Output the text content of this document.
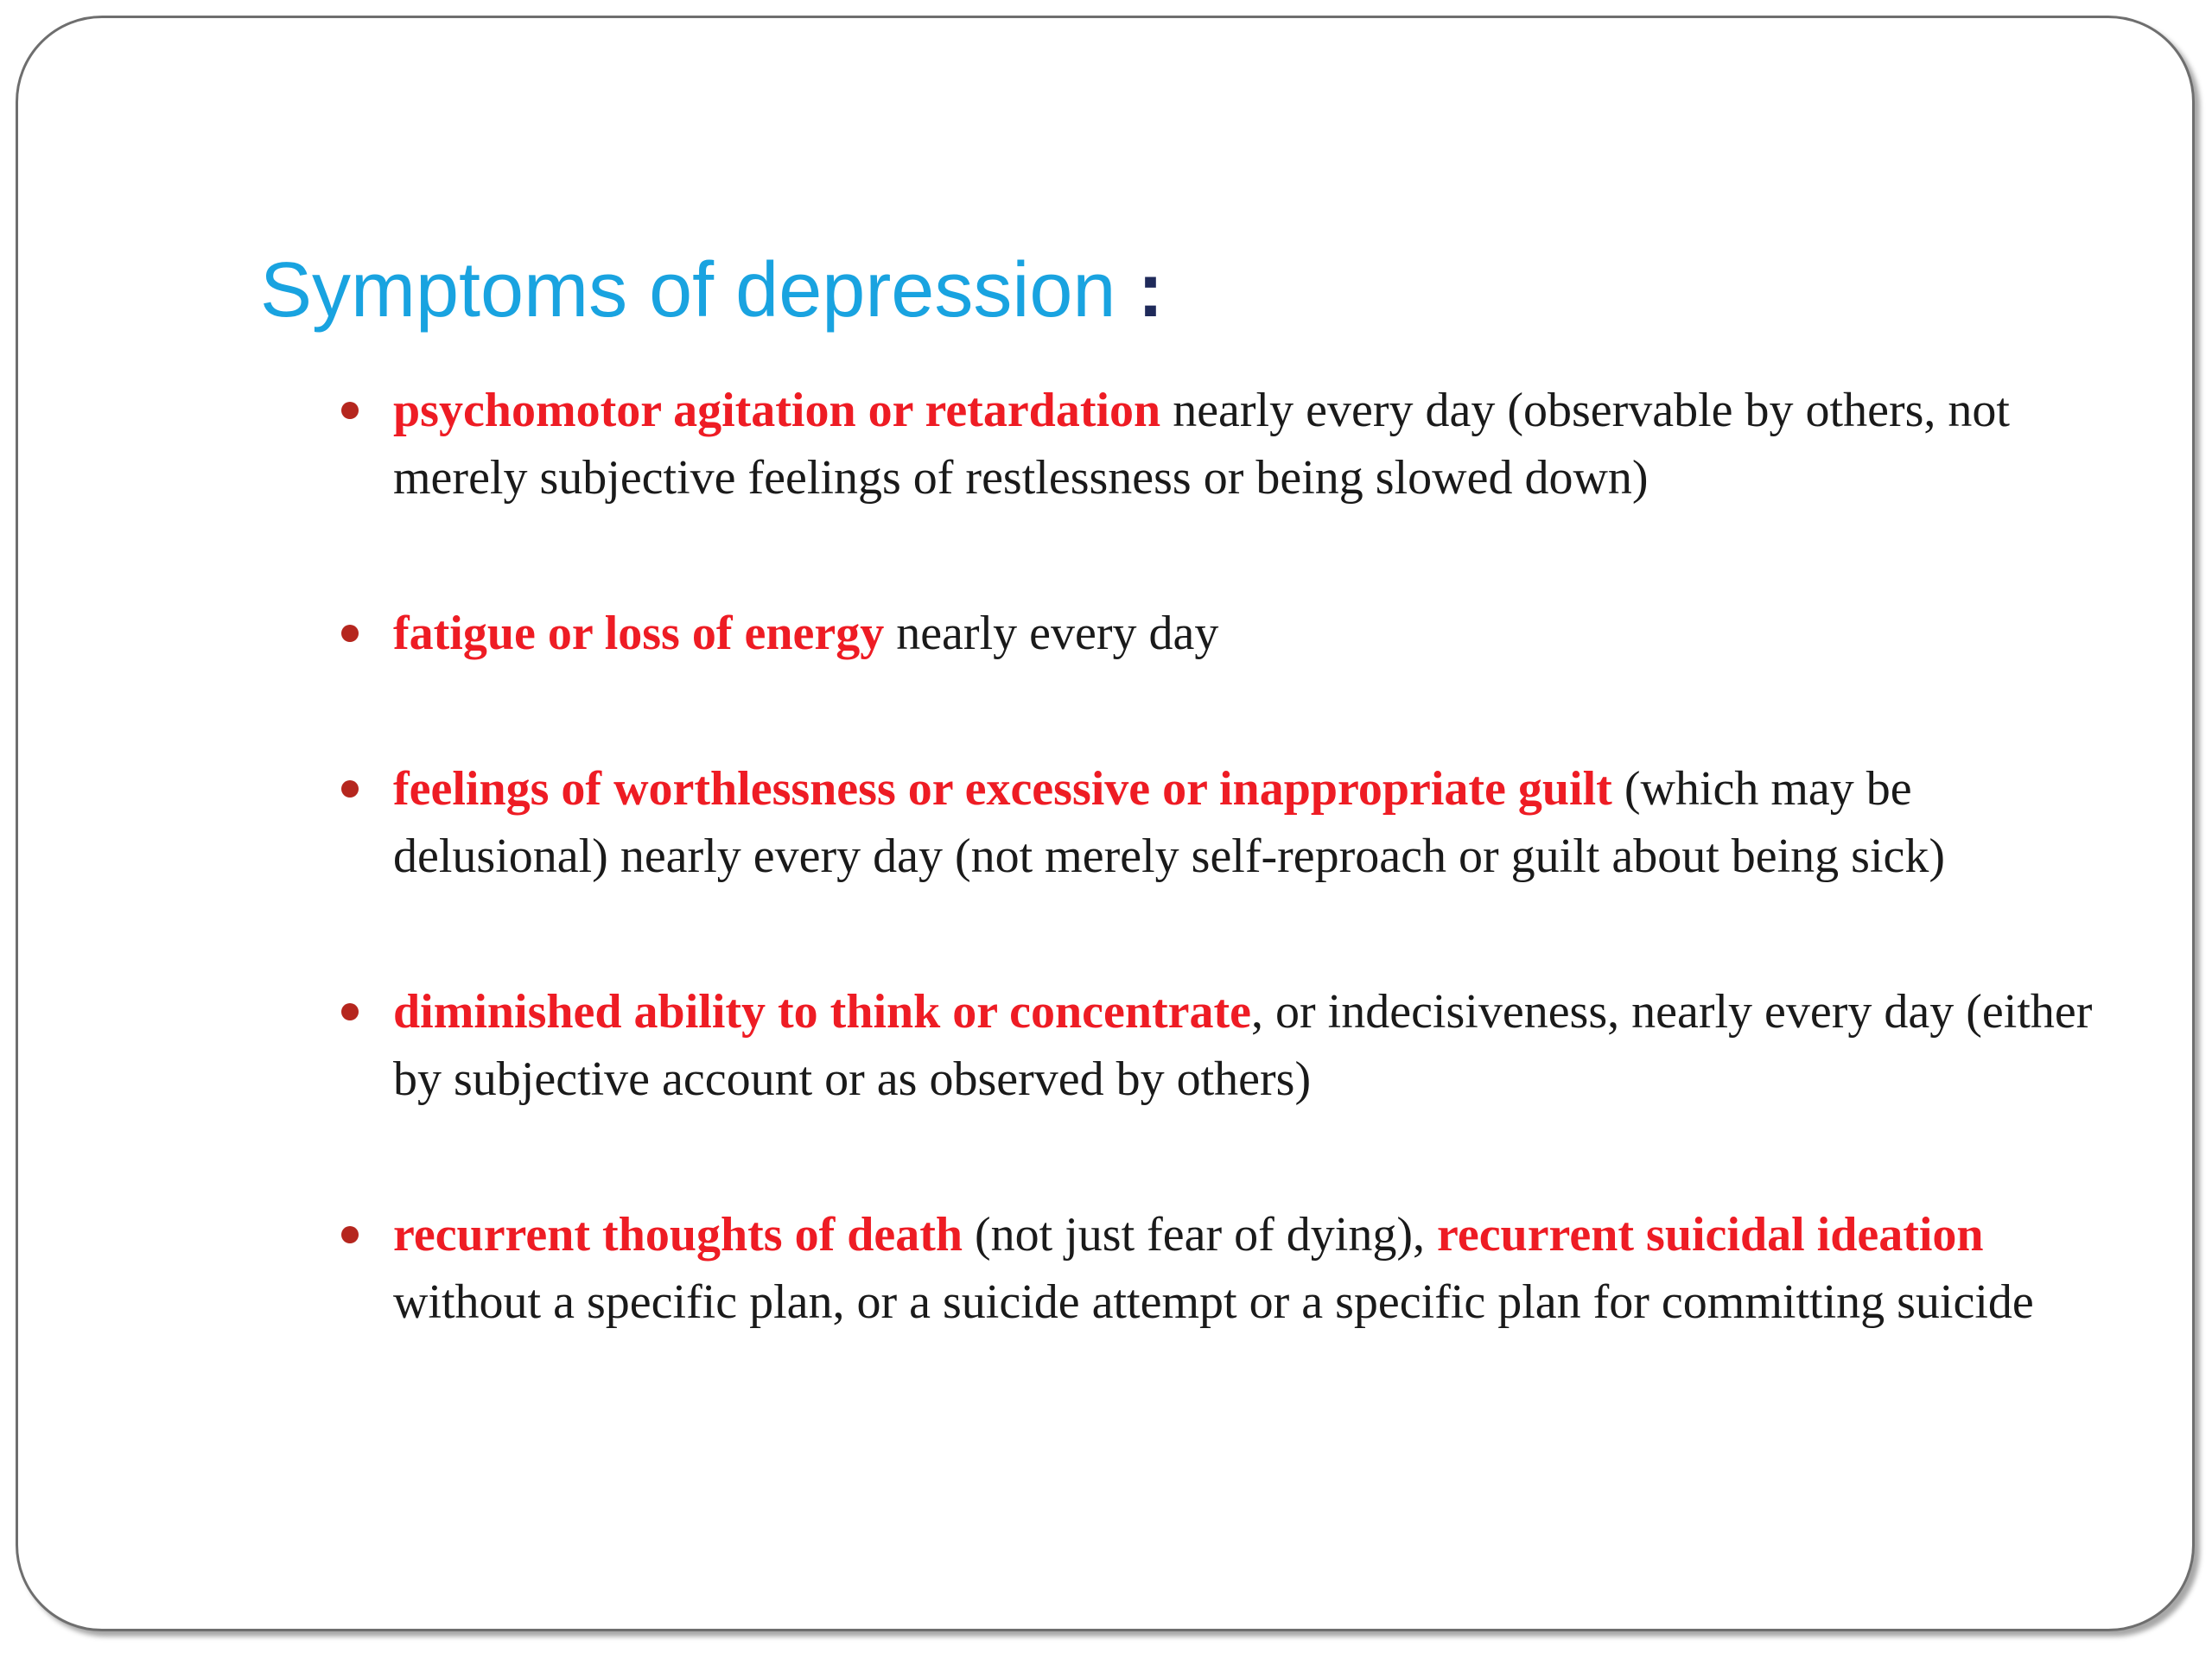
Symptoms of depression :
psychomotor agitation or retardation nearly every day (observable by others, not merely subjective feelings of restlessness or being slowed down)
fatigue or loss of energy nearly every day
feelings of worthlessness or excessive or inappropriate guilt (which may be delusional) nearly every day (not merely self-reproach or guilt about being sick)
diminished ability to think or concentrate, or indecisiveness, nearly every day (either by subjective account or as observed by others)
recurrent thoughts of death (not just fear of dying), recurrent suicidal ideation without a specific plan, or a suicide attempt or a specific plan for committing suicide
